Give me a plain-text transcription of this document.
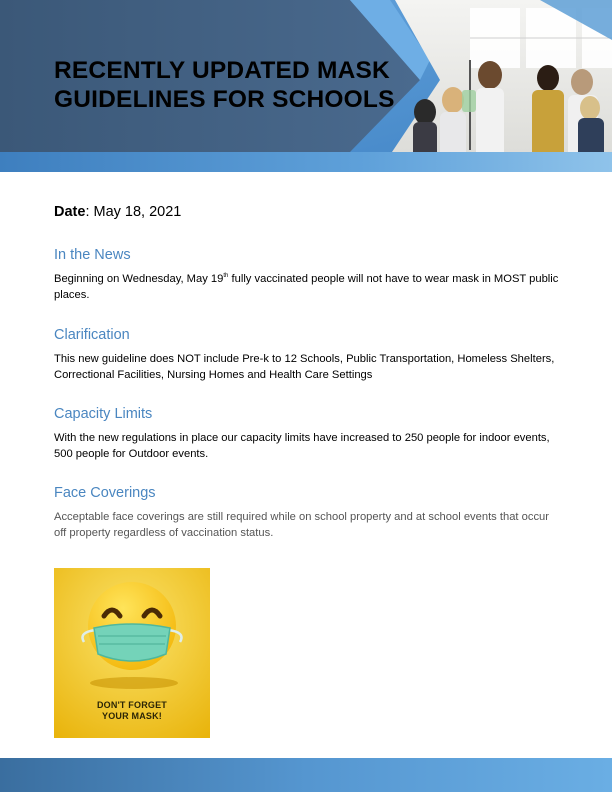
RECENTLY UPDATED MASK
GUIDELINES FOR SCHOOLS
Date: May 18, 2021
In the News

Beginning on Wednesday, May 19th fully vaccinated people will not have to wear mask in MOST public places.

Clarification

This new guideline does NOT include Pre-k to 12 Schools, Public Transportation, Homeless Shelters, Correctional Facilities, Nursing Homes and Health Care Settings

Capacity Limits

With the new regulations in place our capacity limits have increased to 250 people for indoor events, 500 people for Outdoor events.

Face Coverings

Acceptable face coverings are still required while on school property and at school events that occur off property regardless of vaccination status.

DON'T FORGET
YOUR MASK!
